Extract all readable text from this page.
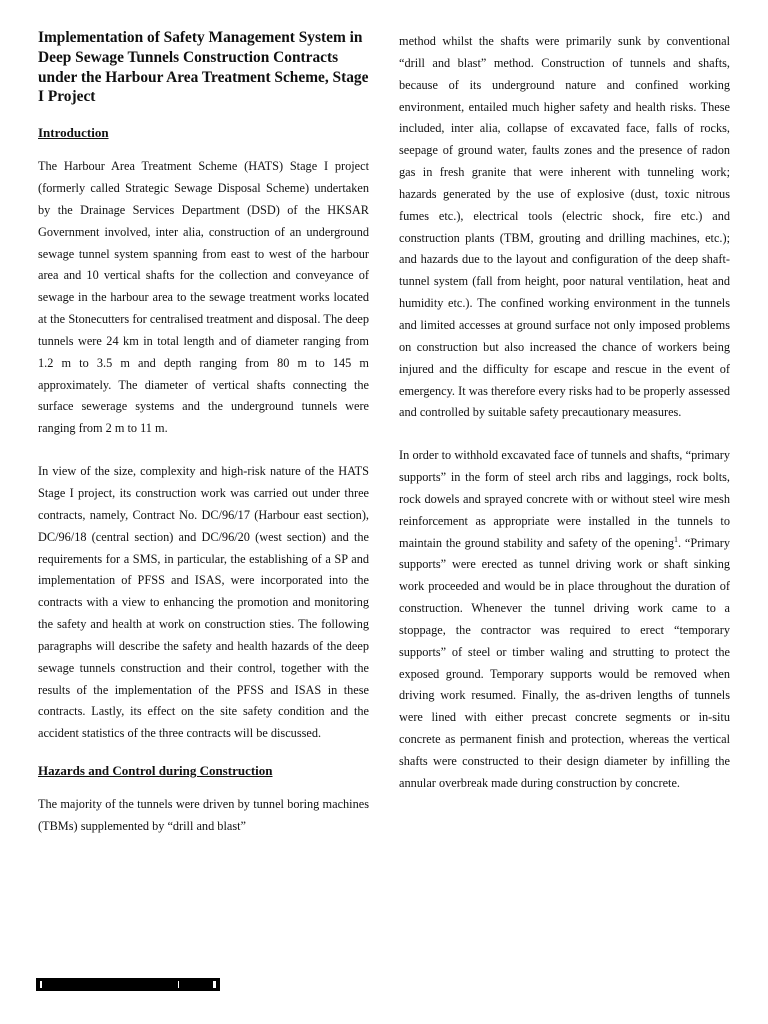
Implementation of Safety Management System in Deep Sewage Tunnels Construction Contracts under the Harbour Area Treatment Scheme, Stage I Project
Introduction

The Harbour Area Treatment Scheme (HATS) Stage I project (formerly called Strategic Sewage Disposal Scheme) undertaken by the Drainage Services Department (DSD) of the HKSAR Government involved, inter alia, construction of an underground sewage tunnel system spanning from east to west of the harbour area and 10 vertical shafts for the collection and conveyance of sewage in the harbour area to the sewage treatment works located at the Stonecutters for centralised treatment and disposal. The deep tunnels were 24 km in total length and of diameter ranging from 1.2 m to 3.5 m and depth ranging from 80 m to 145 m approximately. The diameter of vertical shafts connecting the surface sewerage systems and the underground tunnels were ranging from 2 m to 11 m.

In view of the size, complexity and high-risk nature of the HATS Stage I project, its construction work was carried out under three contracts, namely, Contract No. DC/96/17 (Harbour east section), DC/96/18 (central section) and DC/96/20 (west section) and the requirements for a SMS, in particular, the establishing of a SP and implementation of PFSS and ISAS, were incorporated into the contracts with a view to enhancing the promotion and monitoring the safety and health at work on construction sties. The following paragraphs will describe the safety and health hazards of the deep sewage tunnels construction and their control, together with the results of the implementation of the PFSS and ISAS in these contracts. Lastly, its effect on the site safety condition and the accident statistics of the three contracts will be discussed.

Hazards and Control during Construction

The majority of the tunnels were driven by tunnel boring machines (TBMs) supplemented by “drill and blast”

method whilst the shafts were primarily sunk by conventional “drill and blast” method. Construction of tunnels and shafts, because of its underground nature and confined working environment, entailed much higher safety and health risks. These included, inter alia, collapse of excavated face, falls of rocks, seepage of ground water, faults zones and the presence of radon gas in fresh granite that were inherent with tunneling work; hazards generated by the use of explosive (dust, toxic nitrous fumes etc.), electrical tools (electric shock, fire etc.) and construction plants (TBM, grouting and drilling machines, etc.); and hazards due to the layout and configuration of the deep shaft-tunnel system (fall from height, poor natural ventilation, heat and humidity etc.). The confined working environment in the tunnels and limited accesses at ground surface not only imposed problems on construction but also increased the chance of workers being injured and the difficulty for escape and rescue in the event of emergency. It was therefore every risks had to be properly assessed and controlled by suitable safety precautionary measures.

In order to withhold excavated face of tunnels and shafts, “primary supports” in the form of steel arch ribs and laggings, rock bolts, rock dowels and sprayed concrete with or without steel wire mesh reinforcement as appropriate were installed in the tunnels to maintain the ground stability and safety of the opening$^1$. “Primary supports” were erected as tunnel driving work or shaft sinking work proceeded and would be in place throughout the duration of construction. Whenever the tunnel driving work came to a stoppage, the contractor was required to erect “temporary supports” of steel or timber waling and strutting to protect the exposed ground. Temporary supports would be removed when driving work resumed. Finally, the as-driven lengths of tunnels were lined with either precast concrete segments or in-situ concrete as permanent finish and protection, whereas the vertical shafts were constructed to their design diameter by infilling the annular overbreak made during construction by concrete.
